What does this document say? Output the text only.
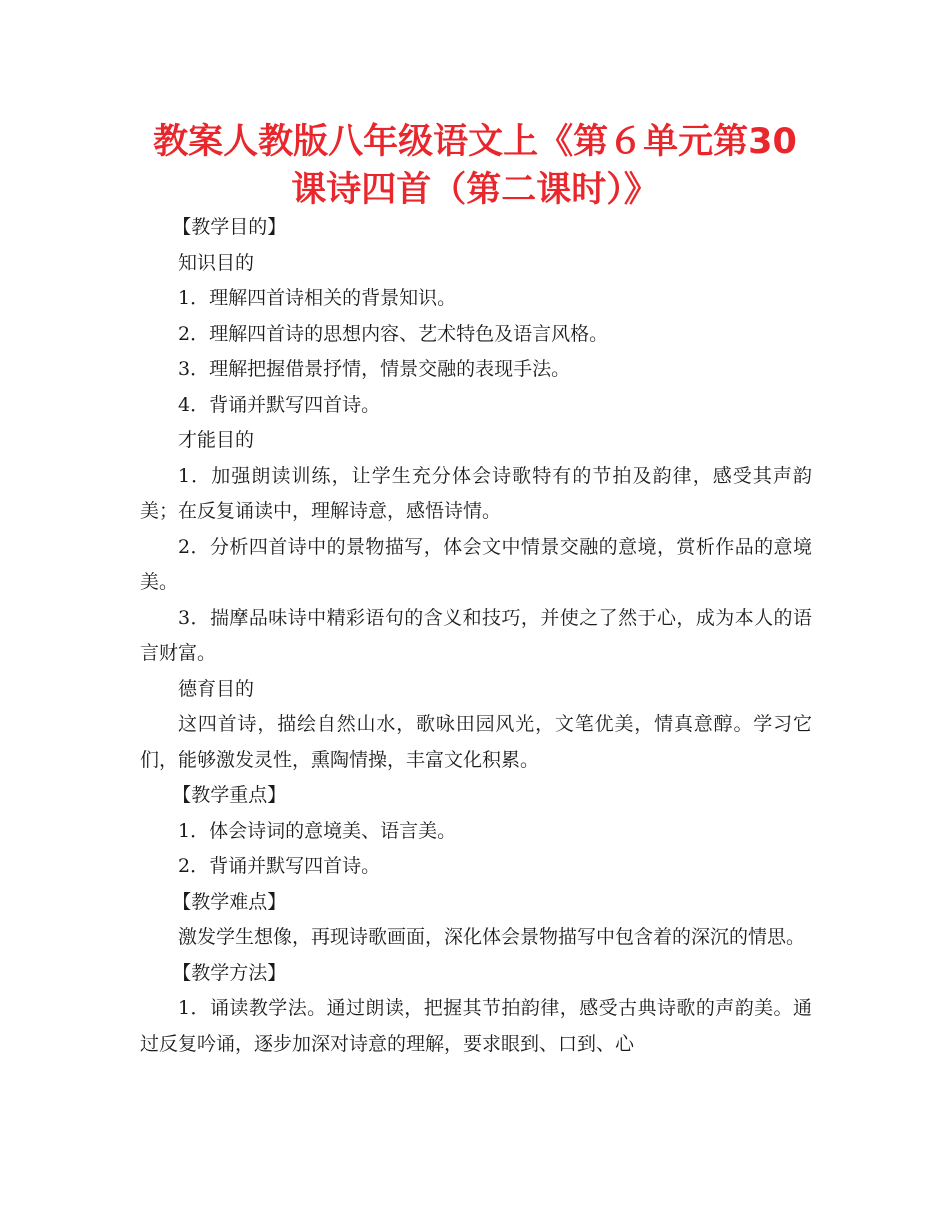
教案人教版八年级语文上《第６单元第30
课诗四首（第二课时）》

【教学目的】

知识目的

1．理解四首诗相关的背景知识。

2．理解四首诗的思想内容、艺术特色及语言风格。

3．理解把握借景抒情，情景交融的表现手法。

4．背诵并默写四首诗。

才能目的

1．加强朗读训练，让学生充分体会诗歌特有的节拍及韵律，感受其声韵美；在反复诵读中，理解诗意，感悟诗情。

2．分析四首诗中的景物描写，体会文中情景交融的意境，赏析作品的意境美。

3．揣摩品味诗中精彩语句的含义和技巧，并使之了然于心，成为本人的语言财富。

德育目的

这四首诗，描绘自然山水，歌咏田园风光，文笔优美，情真意醇。学习它们，能够激发灵性，熏陶情操，丰富文化积累。

【教学重点】

1．体会诗词的意境美、语言美。

2．背诵并默写四首诗。

【教学难点】

激发学生想像，再现诗歌画面，深化体会景物描写中包含着的深沉的情思。

【教学方法】

1．诵读教学法。通过朗读，把握其节拍韵律，感受古典诗歌的声韵美。通过反复吟诵，逐步加深对诗意的理解，要求眼到、口到、心
